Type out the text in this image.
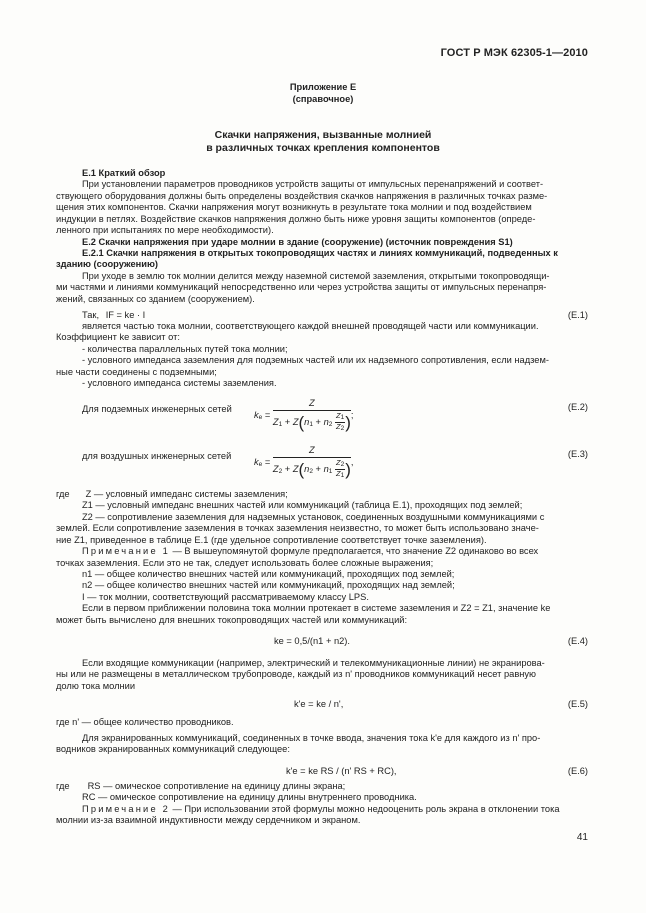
ГОСТ Р МЭК 62305-1—2010
Приложение Е
(справочное)
Скачки напряжения, вызванные молнией
в различных точках крепления компонентов

Е.1 Краткий обзор

При установлении параметров проводников устройств защиты от импульсных перенапряжений и соответ-

ствующего оборудования должны быть определены воздействия скачков напряжения в различных точках разме-

щения этих компонентов. Скачки напряжения могут возникнуть в результате тока молнии и под воздействием

индукции в петлях. Воздействие скачков напряжения должно быть ниже уровня защиты компонентов (опреде-

ленного при испытаниях по мере необходимости).

Е.2 Скачки напряжения при ударе молнии в здание (сооружение) (источник повреждения S1)

Е.2.1 Скачки напряжения в открытых токопроводящих частях и линиях коммуникаций, подведенных к

зданию (сооружению)

При уходе в землю ток молнии делится между наземной системой заземления, открытыми токопроводящи-

ми частями и линиями коммуникаций непосредственно или через устройства защиты от импульсных перенапря-

жений, связанных со зданием (сооружением).

Так, IF = ke · I	(Е.1)

является частью тока молнии, соответствующего каждой внешней проводящей части или коммуникации.

Коэффициент ke зависит от:

- количества параллельных путей тока молнии;

- условного импеданса заземления для подземных частей или их надземного сопротивления, если надзем-

ные части соединены с подземными;

- условного импеданса системы заземления.

Для подземных инженерных сетей
$k_e = \frac{Z}{Z_1 + Z(n_1 + n_2 \frac{Z_1}{Z_2} )}$ ;
(Е.2)
для воздушных инженерных сетей
$k_e = \frac{Z}{Z_2 + Z(n_2 + n_1 \frac{Z_2}{Z_1} )}$ ,
(Е.3)

где Z — условный импеданс системы заземления;

Z1 — условный импеданс внешних частей или коммуникаций (таблица Е.1), проходящих под землей;

Z2 — сопротивление заземления для надземных установок, соединенных воздушными коммуникациями с

землей. Если сопротивление заземления в точках заземления неизвестно, то может быть использовано значе-

ние Z1, приведенное в таблице Е.1 (где удельное сопротивление соответствует точке заземления).

Примечание 1 — В вышеупомянутой формуле предполагается, что значение Z2 одинаково во всех

точках заземления. Если это не так, следует использовать более сложные выражения;

n1 — общее количество внешних частей или коммуникаций, проходящих под землей;

n2 — общее количество внешних частей или коммуникаций, проходящих над землей;

I — ток молнии, соответствующий рассматриваемому классу LPS.

Если в первом приближении половина тока молнии протекает в системе заземления и Z2 = Z1, значение ke

может быть вычислено для внешних токопроводящих частей или коммуникаций:

ke = 0,5/(n1 + n2).	(Е.4)

Если входящие коммуникации (например, электрический и телекоммуникационные линии) не экранирова-

ны или не размещены в металлическом трубопроводе, каждый из n' проводников коммуникаций несет равную

долю тока молнии

k'e = ke / n',	(Е.5)

где n' — общее количество проводников.

Для экранированных коммуникаций, соединенных в точке ввода, значения тока k'e для каждого из n' про-

водников экранированных коммуникаций следующее:

k'e = ke RS / (n' RS + RC),	(Е.6)

где RS — омическое сопротивление на единицу длины экрана;

RC — омическое сопротивление на единицу длины внутреннего проводника.

Примечание 2 — При использовании этой формулы можно недооценить роль экрана в отклонении тока

молнии из-за взаимной индуктивности между сердечником и экраном.

41
